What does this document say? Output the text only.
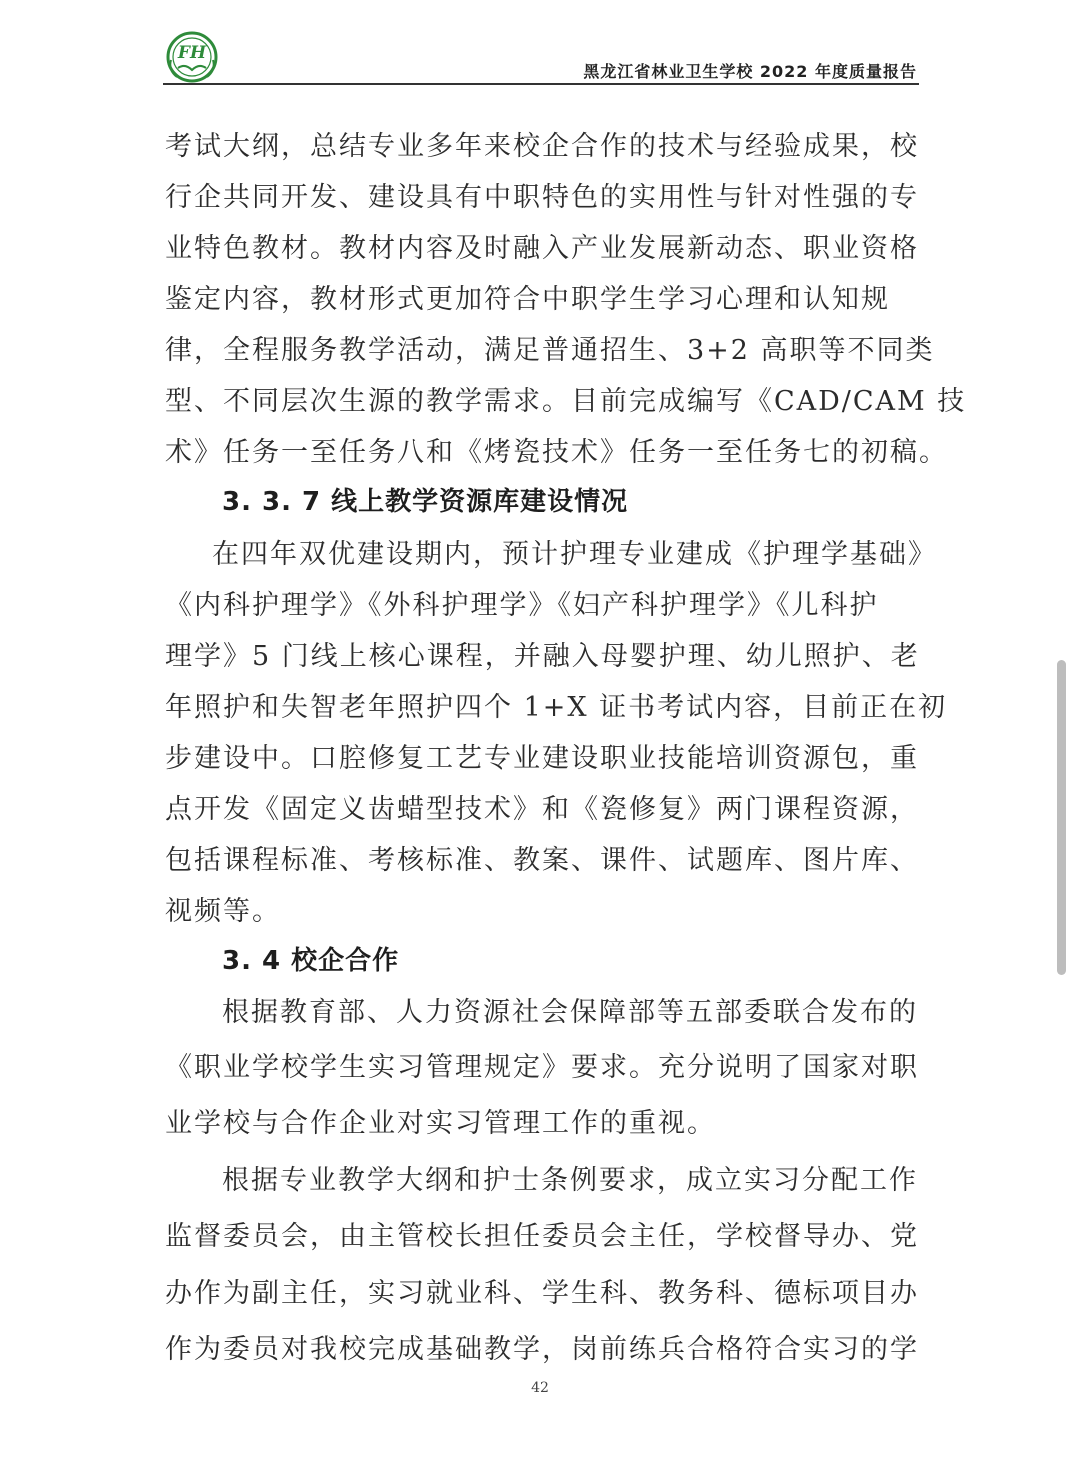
FH
黑龙江省林业卫生学校 2022 年度质量报告
考试大纲，总结专业多年来校企合作的技术与经验成果，校
行企共同开发、建设具有中职特色的实用性与针对性强的专
业特色教材。教材内容及时融入产业发展新动态、职业资格
鉴定内容，教材形式更加符合中职学生学习心理和认知规
律，全程服务教学活动，满足普通招生、3+2 高职等不同类
型、不同层次生源的教学需求。目前完成编写《CAD/CAM 技
术》任务一至任务八和《烤瓷技术》任务一至任务七的初稿。
3. 3. 7 线上教学资源库建设情况
在四年双优建设期内，预计护理专业建成《护理学基础》
《内科护理学》《外科护理学》《妇产科护理学》《儿科护
理学》5 门线上核心课程，并融入母婴护理、幼儿照护、老
年照护和失智老年照护四个 1+X 证书考试内容，目前正在初
步建设中。口腔修复工艺专业建设职业技能培训资源包，重
点开发《固定义齿蜡型技术》和《瓷修复》两门课程资源，
包括课程标准、考核标准、教案、课件、试题库、图片库、
视频等。
3. 4 校企合作
根据教育部、人力资源社会保障部等五部委联合发布的
《职业学校学生实习管理规定》要求。充分说明了国家对职
业学校与合作企业对实习管理工作的重视。
根据专业教学大纲和护士条例要求，成立实习分配工作
监督委员会，由主管校长担任委员会主任，学校督导办、党
办作为副主任，实习就业科、学生科、教务科、德标项目办
作为委员对我校完成基础教学，岗前练兵合格符合实习的学
42
